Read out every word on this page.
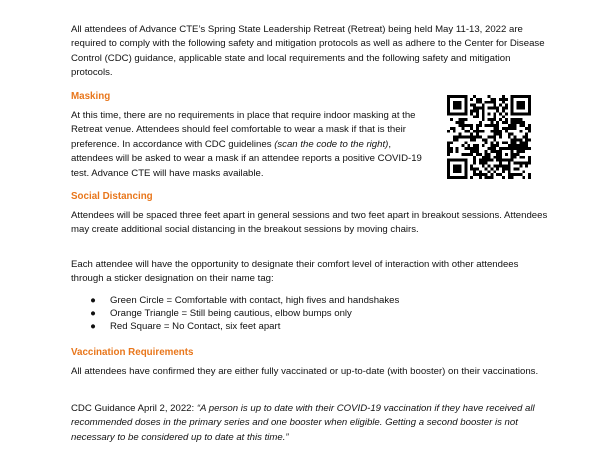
All attendees of Advance CTE’s Spring State Leadership Retreat (Retreat) being held May 11-13, 2022 are required to comply with the following safety and mitigation protocols as well as adhere to the Center for Disease Control (CDC) guidance, applicable state and local requirements and the following safety and mitigation protocols.

Masking

At this time, there are no requirements in place that require indoor masking at the Retreat venue. Attendees should feel comfortable to wear a mask if that is their preference. In accordance with CDC guidelines (scan the code to the right), attendees will be asked to wear a mask if an attendee reports a positive COVID-19 test. Advance CTE will have masks available.

Social Distancing

Attendees will be spaced three feet apart in general sessions and two feet apart in breakout sessions. Attendees may create additional social distancing in the breakout sessions by moving chairs.

Each attendee will have the opportunity to designate their comfort level of interaction with other attendees through a sticker designation on their name tag:

● Green Circle = Comfortable with contact, high fives and handshakes
● Orange Triangle = Still being cautious, elbow bumps only
● Red Square = No Contact, six feet apart

Vaccination Requirements

All attendees have confirmed they are either fully vaccinated or up-to-date (with booster) on their vaccinations.

CDC Guidance April 2, 2022: “A person is up to date with their COVID-19 vaccination if they have received all recommended doses in the primary series and one booster when eligible. Getting a second booster is not necessary to be considered up to date at this time.”
